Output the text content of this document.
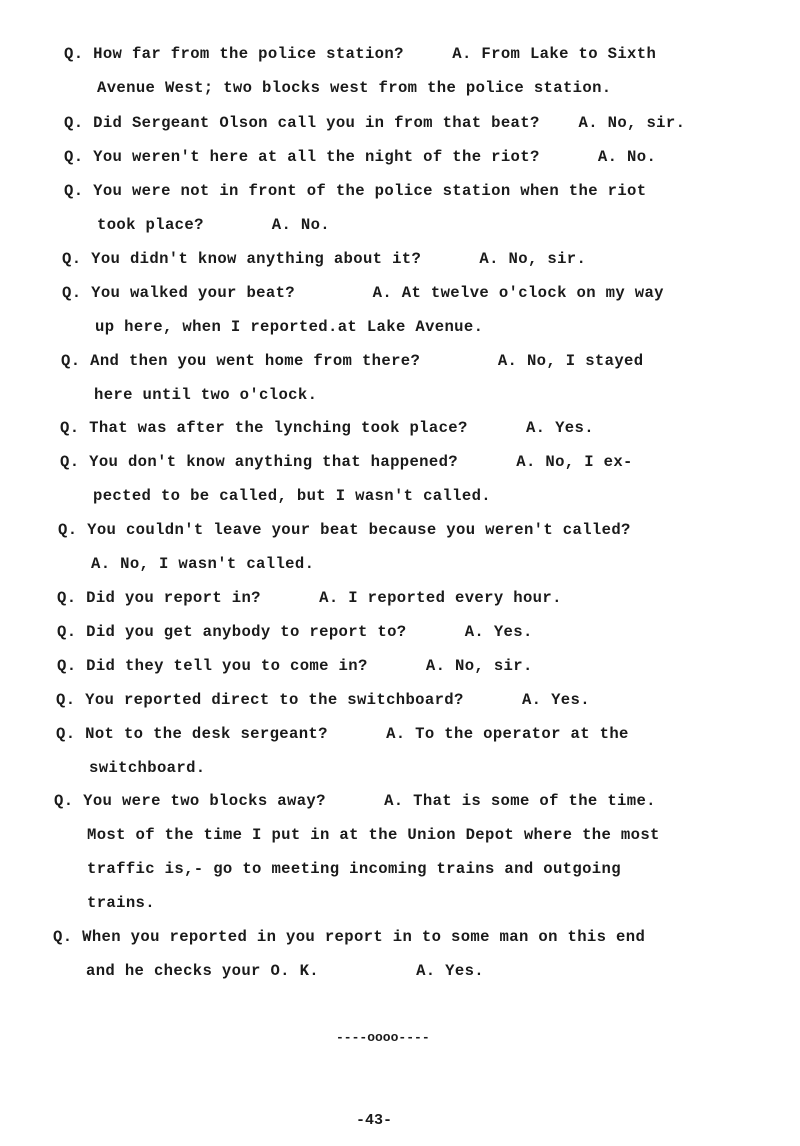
Q. How far from the police station?     A. From Lake to Sixth
Avenue West; two blocks west from the police station.
Q. Did Sergeant Olson call you in from that beat?    A. No, sir.
Q. You weren't here at all the night of the riot?      A. No.
Q. You were not in front of the police station when the riot
took place?       A. No.
Q. You didn't know anything about it?      A. No, sir.
Q. You walked your beat?        A. At twelve o'clock on my way
up here, when I reported.at Lake Avenue.
Q. And then you went home from there?        A. No, I stayed
here until two o'clock.
Q. That was after the lynching took place?      A. Yes.
Q. You don't know anything that happened?      A. No, I ex-
pected to be called, but I wasn't called.
Q. You couldn't leave your beat because you weren't called?
A. No, I wasn't called.
Q. Did you report in?      A. I reported every hour.
Q. Did you get anybody to report to?      A. Yes.
Q. Did they tell you to come in?      A. No, sir.
Q. You reported direct to the switchboard?      A. Yes.
Q. Not to the desk sergeant?      A. To the operator at the
switchboard.
Q. You were two blocks away?      A. That is some of the time.
Most of the time I put in at the Union Depot where the most
traffic is,- go to meeting incoming trains and outgoing
trains.
Q. When you reported in you report in to some man on this end
and he checks your O. K.          A. Yes.
----oooo----
-43-
